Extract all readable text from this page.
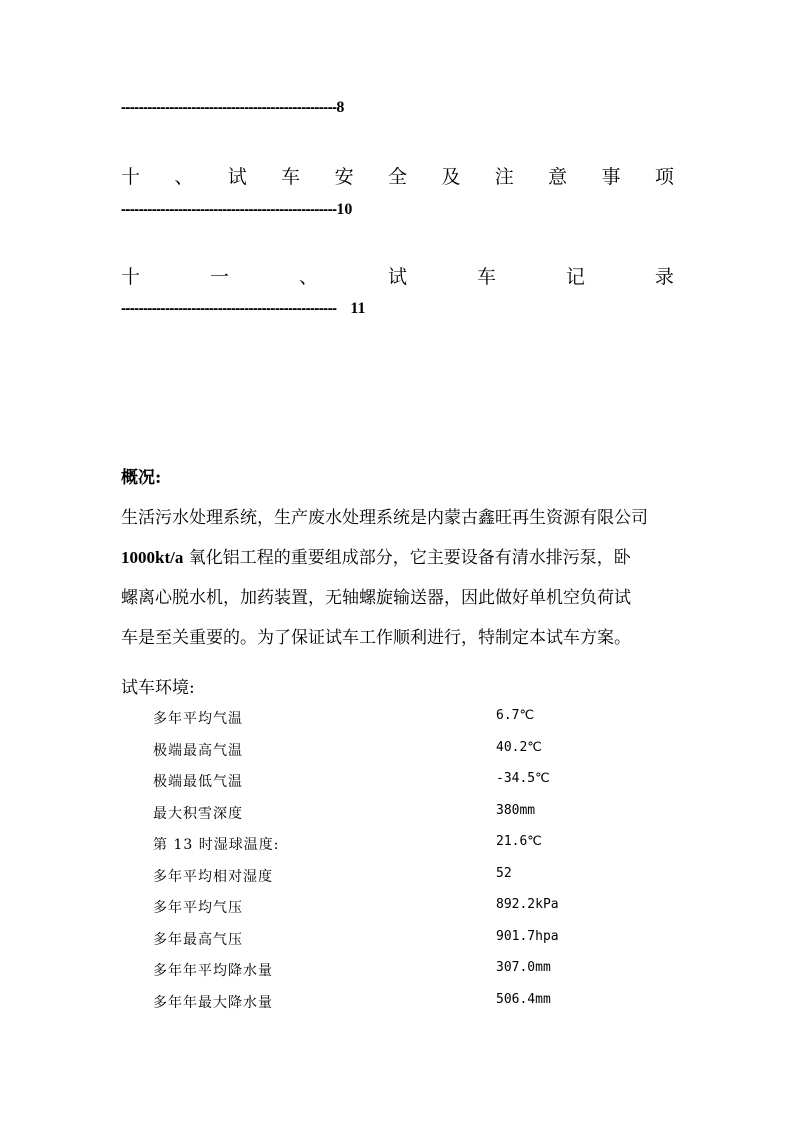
-------------------------------------------------8
十 、 试 车 安 全 及 注 意 事 项
-------------------------------------------------10
十	一	、	试	车	记	录
------------------------------------------------- 11
概况:

生活污水处理系统，生产废水处理系统是内蒙古鑫旺再生资源有限公司
1000kt/a 氧化铝工程的重要组成部分，它主要设备有清水排污泵，卧
螺离心脱水机，加药装置，无轴螺旋输送器，因此做好单机空负荷试
车是至关重要的。为了保证试车工作顺利进行，特制定本试车方案。

试车环境:
多年平均气温	6.7℃
极端最高气温	40.2℃
极端最低气温	-34.5℃
最大积雪深度	380mm
第 13 时湿球温度:	21.6℃
多年平均相对湿度	52
多年平均气压	892.2kPa
多年最高气压	901.7hpa
多年年平均降水量	307.0mm
多年年最大降水量	506.4mm
